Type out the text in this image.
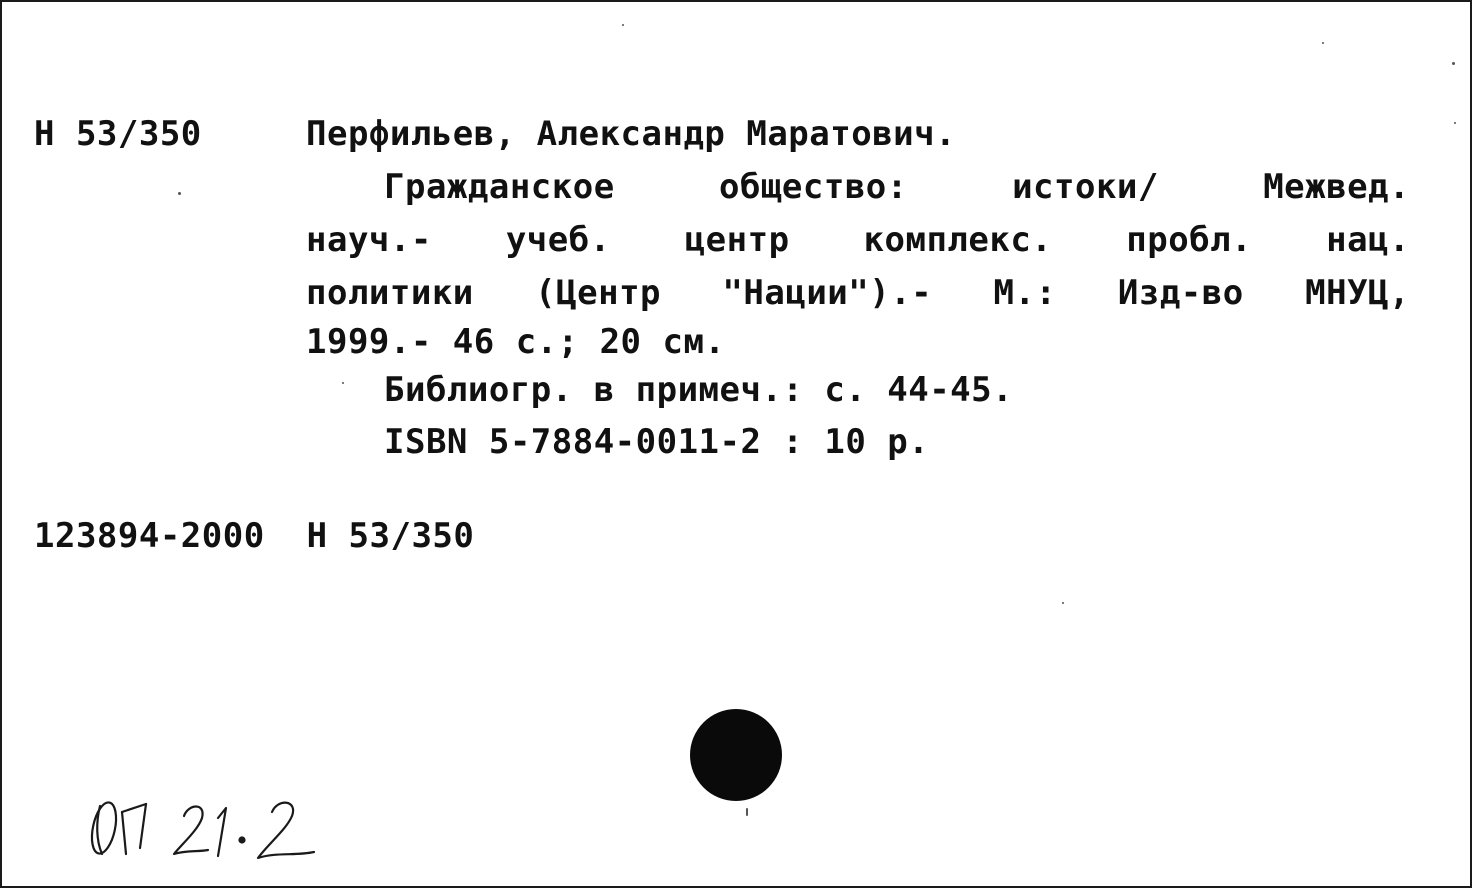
Н 53/350	Перфильев, Александр Маратович.
Гражданское общество: истоки/ Межвед.
науч.- учеб. центр комплекс. пробл. нац.
политики (Центр "Нации").- М.: Изд-во МНУЦ,
1999.- 46 с.; 20 см.
Библиогр. в примеч.: с. 44-45.
ISBN 5-7884-0011-2 : 10 р.
123894-2000  Н 53/350
